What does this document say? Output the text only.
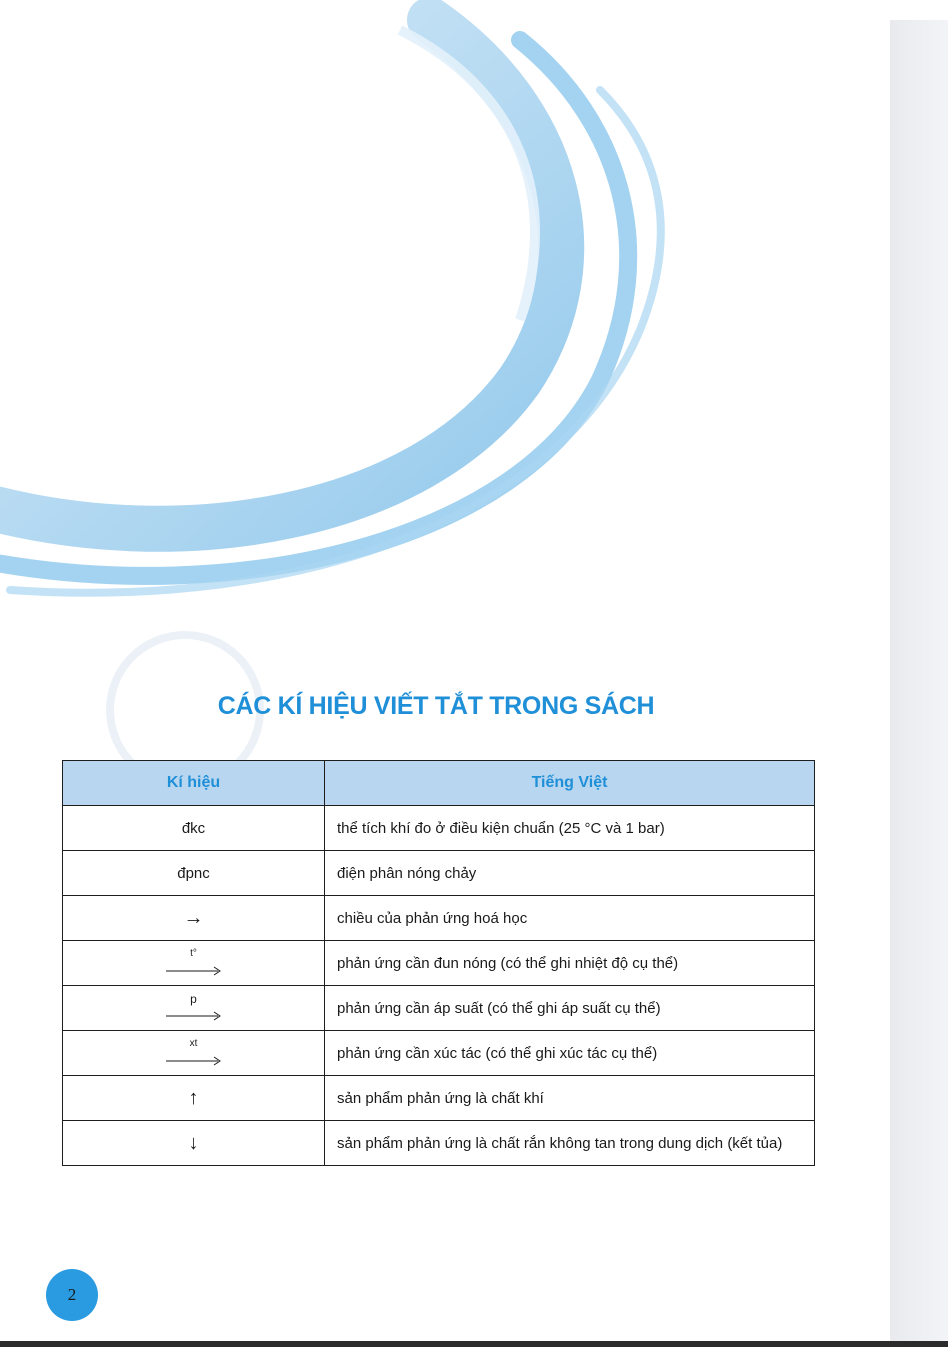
CÁC KÍ HIỆU VIẾT TẮT TRONG SÁCH
Kí hiệu	Tiếng Việt
đkc	thể tích khí đo ở điều kiện chuẩn (25 °C và 1 bar)
đpnc	điện phân nóng chảy
→	chiều của phản ứng hoá học

t°	phản ứng cần đun nóng (có thể ghi nhiệt độ cụ thể)

p	phản ứng cần áp suất (có thể ghi áp suất cụ thể)

xt	phản ứng cần xúc tác (có thể ghi xúc tác cụ thể)
↑	sản phẩm phản ứng là chất khí
↓	sản phẩm phản ứng là chất rắn không tan trong dung dịch (kết tủa)
2
